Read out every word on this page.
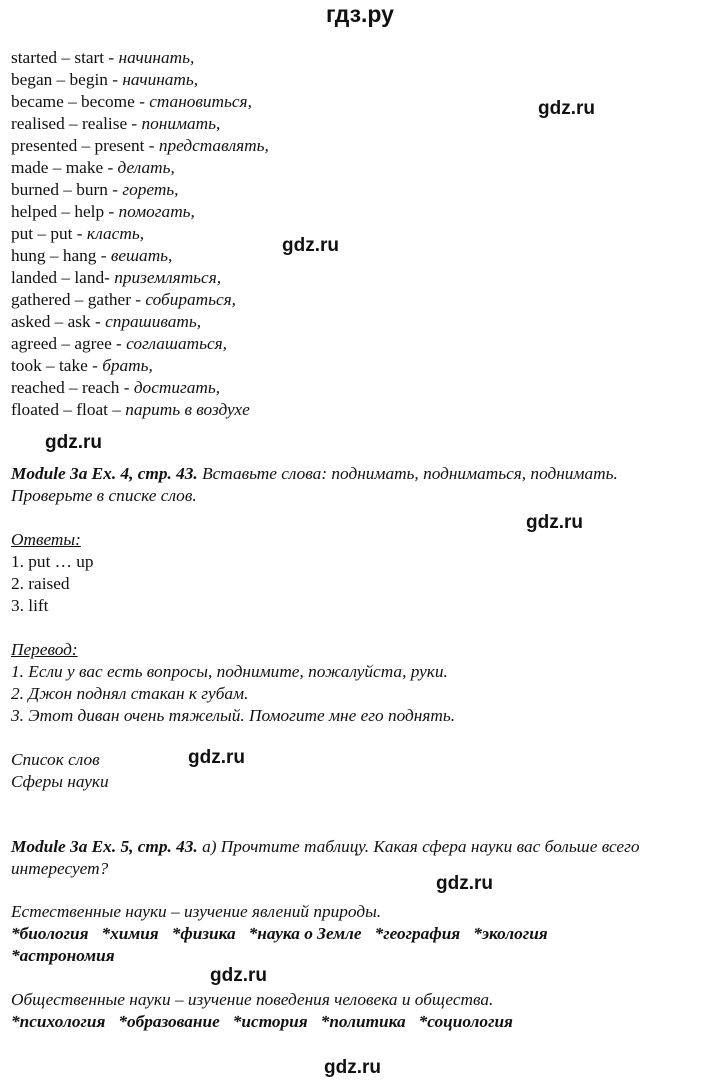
гдз.ру
gdz.ru
gdz.ru
gdz.ru
gdz.ru
gdz.ru
gdz.ru
gdz.ru
gdz.ru
started – start - начинать,
began – begin - начинать,
became – become - становиться,
realised – realise - понимать,
presented – present - представлять,
made – make - делать,
burned – burn - гореть,
helped – help - помогать,
put – put - класть,
hung – hang - вешать,
landed – land- приземляться,
gathered – gather - собираться,
asked – ask - спрашивать,
agreed – agree - соглашаться,
took – take - брать,
reached – reach - достигать,
floated – float – парить в воздухе
Module 3a Ex. 4, стр. 43. Вставьте слова: поднимать, подниматься, поднимать.
Проверьте в списке слов.
Ответы:
1. put … up
2. raised
3. lift
Перевод:
1. Если у вас есть вопросы, поднимите, пожалуйста, руки.
2. Джон поднял стакан к губам.
3. Этот диван очень тяжелый. Помогите мне его поднять.
Список слов
Сферы науки
Module 3a Ex. 5, стр. 43. а) Прочтите таблицу. Какая сфера науки вас больше всего
интересует?
Естественные науки – изучение явлений природы.
*биология *химия *физика *наука о Земле *география *экология
*астрономия
Общественные науки – изучение поведения человека и общества.
*психология *образование *история *политика *социология
